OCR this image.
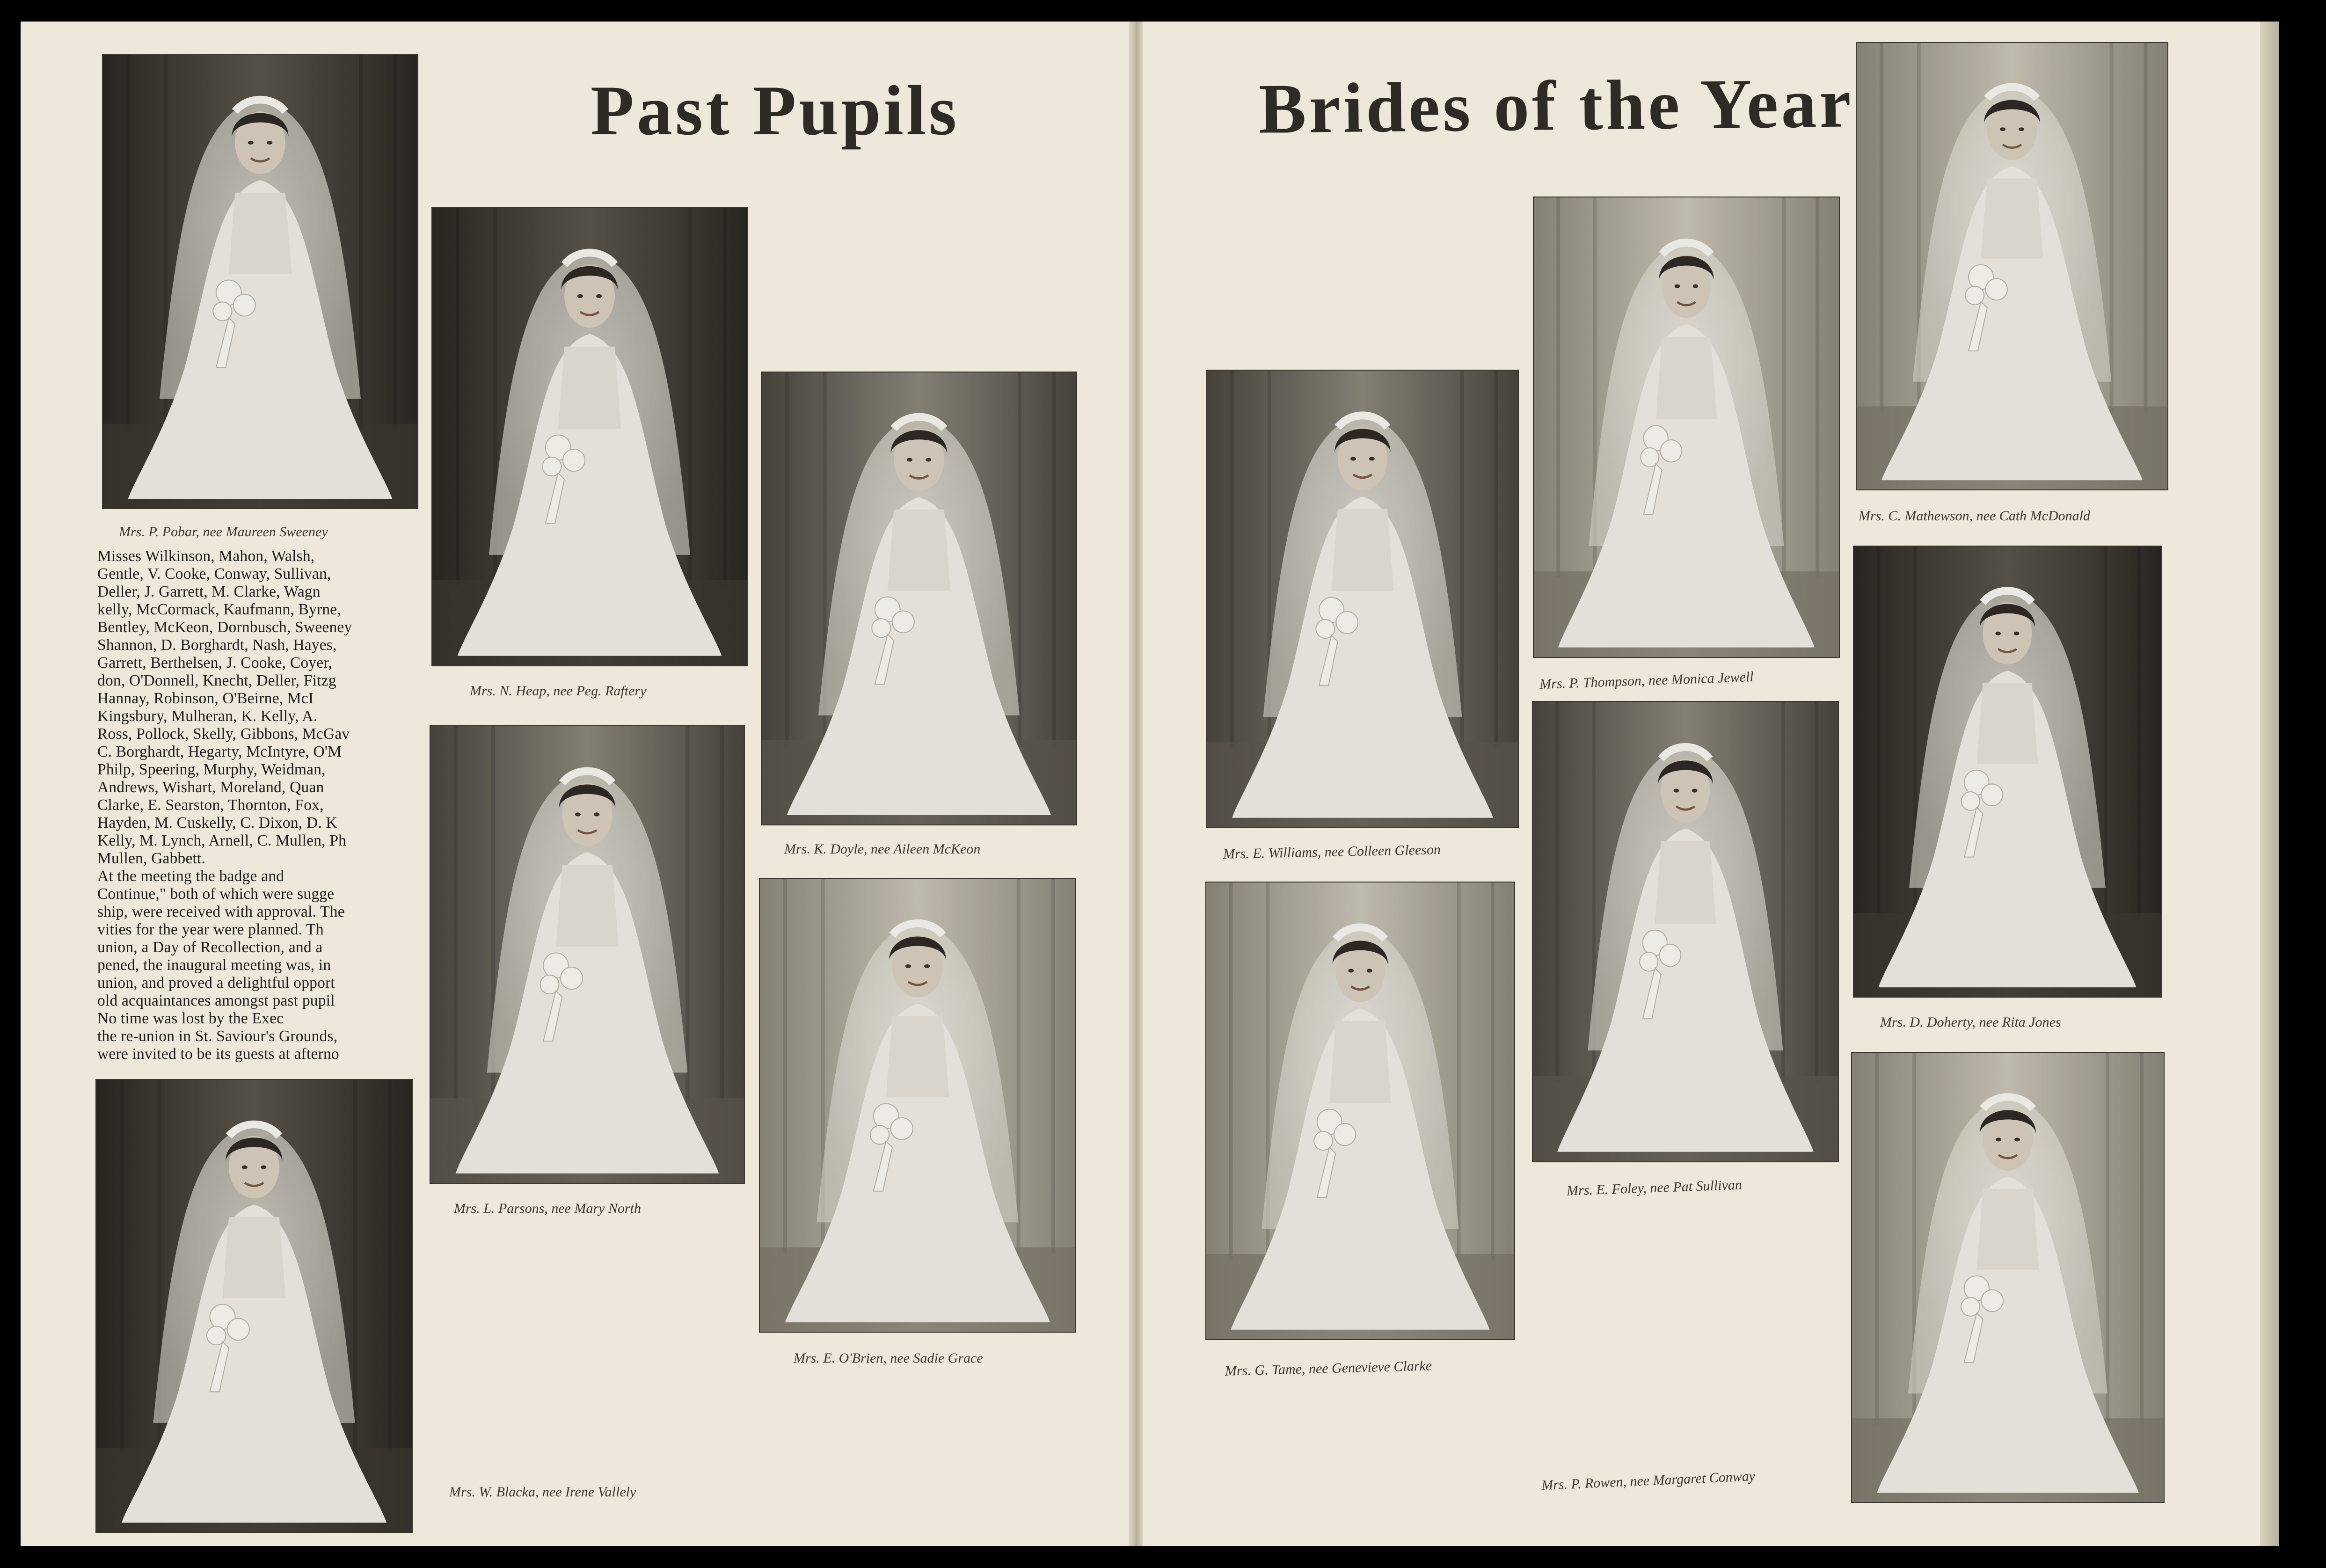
Past Pupils	Brides of the Year
Mrs. P. Pobar, nee Maureen Sweeney
Mrs. N. Heap, nee Peg. Raftery
Mrs. K. Doyle, nee Aileen McKeon
Mrs. L. Parsons, nee Mary North
Mrs. E. O'Brien, nee Sadie Grace
Mrs. W. Blacka, nee Irene Vallely
Mrs. E. Williams, nee Colleen Gleeson
Mrs. G. Tame, nee Genevieve Clarke
Mrs. P. Thompson, nee Monica Jewell
Mrs. E. Foley, nee Pat Sullivan
Mrs. P. Rowen, nee Margaret Conway
Mrs. C. Mathewson, nee Cath McDonald
Mrs. D. Doherty, nee Rita Jones

Misses Wilkinson, Mahon, Walsh,

Gentle, V. Cooke, Conway, Sullivan,

Deller, J. Garrett, M. Clarke, Wagn

kelly, McCormack, Kaufmann, Byrne,

Bentley, McKeon, Dornbusch, Sweeney

Shannon, D. Borghardt, Nash, Hayes,

Garrett, Berthelsen, J. Cooke, Coyer,

don, O'Donnell, Knecht, Deller, Fitzg

Hannay, Robinson, O'Beirne, McI

Kingsbury, Mulheran, K. Kelly, A.

Ross, Pollock, Skelly, Gibbons, McGav

C. Borghardt, Hegarty, McIntyre, O'M

Philp, Speering, Murphy, Weidman,

Andrews, Wishart, Moreland, Quan

Clarke, E. Searston, Thornton, Fox,

Hayden, M. Cuskelly, C. Dixon, D. K

Kelly, M. Lynch, Arnell, C. Mullen, Ph

Mullen, Gabbett.

At the meeting the badge and

Continue," both of which were sugge

ship, were received with approval. The

vities for the year were planned. Th

union, a Day of Recollection, and a

pened, the inaugural meeting was, in

union, and proved a delightful opport

old acquaintances amongst past pupil

No time was lost by the Exec

the re-union in St. Saviour's Grounds,

were invited to be its guests at afterno
